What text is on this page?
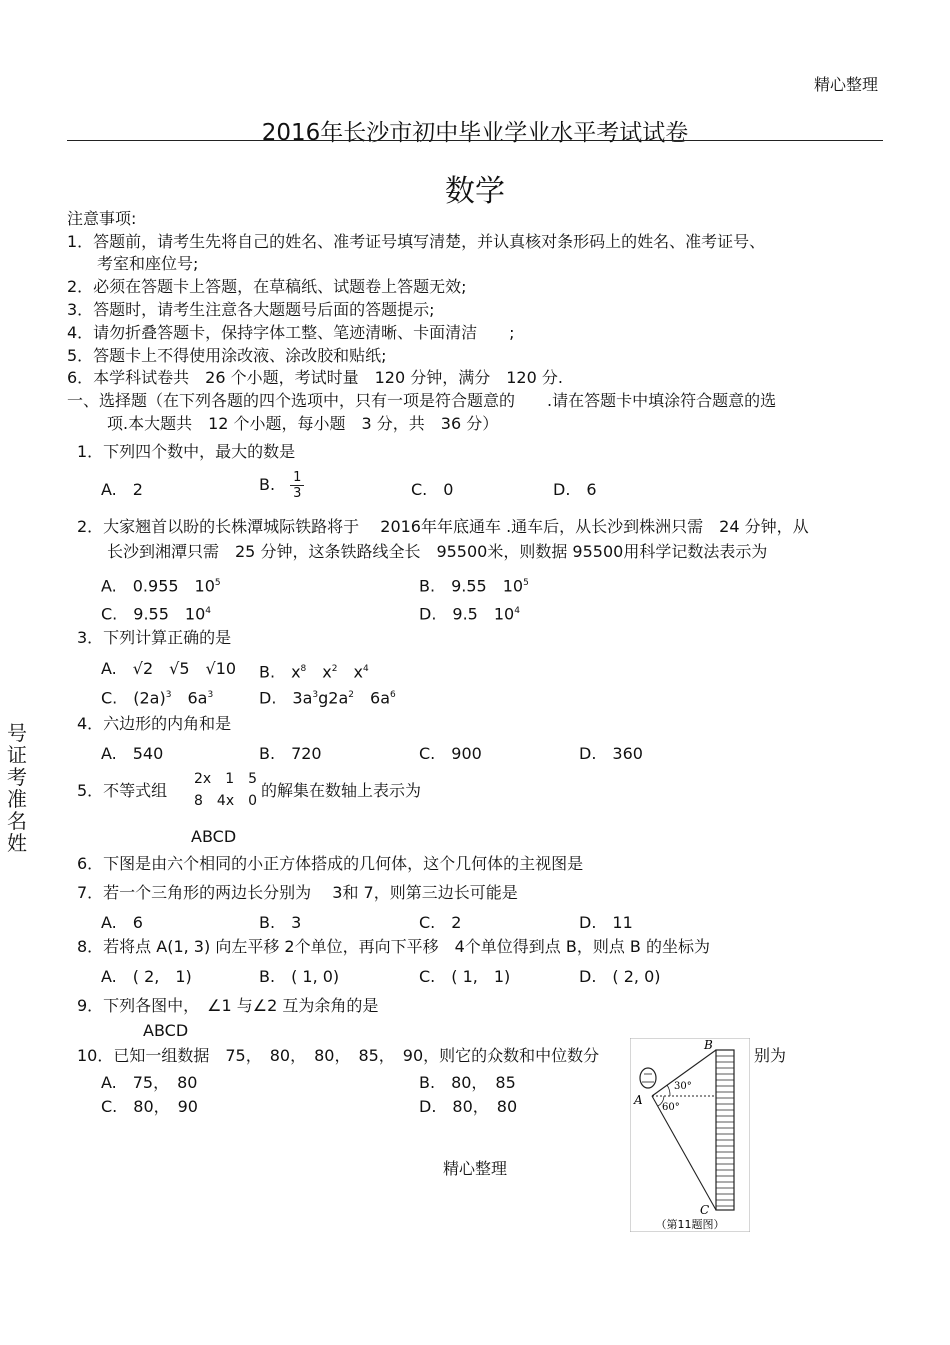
精心整理
2016年长沙市初中毕业学业水平考试试卷
数学
注意事项:
1．答题前，请考生先将自己的姓名、准考证号填写清楚，并认真核对条形码上的姓名、准考证号、
考室和座位号;
2．必须在答题卡上答题，在草稿纸、试题卷上答题无效;
3．答题时，请考生注意各大题题号后面的答题提示;
4．请勿折叠答题卡，保持字体工整、笔迹清晰、卡面清洁　　;
5．答题卡上不得使用涂改液、涂改胶和贴纸;
6．本学科试卷共　26 个小题，考试时量　120 分钟，满分　120 分.
一、选择题（在下列各题的四个选项中，只有一项是符合题意的　　.请在答题卡中填涂符合题意的选
项.本大题共　12 个小题，每小题　3 分，共　36 分）
1．下列四个数中，最大的数是
A.　2	B. $\frac{1}{3}$	C.　0	D.　6
2．大家翘首以盼的长株潭城际铁路将于　 2016年年底通车 .通车后，从长沙到株洲只需　24 分钟，从
长沙到湘潭只需　25 分钟，这条铁路线全长　95500米，则数据 95500用科学记数法表示为
A.　0.955　$10^5$	B.　9.55　$10^5$
C.　9.55　$10^4$	D.　9.5　$10^4$
3．下列计算正确的是
A.　√2　√5　√10 B.　$x^8$　$x^2$　$x^4$
C.　$(2a)^3$　$6a^3$	D.　$3a^3g2a^2$　$6a^6$
4．六边形的内角和是
A.　540	B.　720	C.　900	D.　360
5．不等式组
2x　1　5
8　4x　0
的解集在数轴上表示为
ABCD
6．下图是由六个相同的小正方体搭成的几何体，这个几何体的主视图是
7．若一个三角形的两边长分别为　 3和 7，则第三边长可能是
A.　6	B.　3	C.　2	D.　11
8．若将点 A(1, 3) 向左平移 2个单位，再向下平移　4个单位得到点 B，则点 B 的坐标为
A.　( 2,　1)	B.　( 1, 0)	C.　( 1,　1)	D.　( 2, 0)
9．下列各图中，　∠1 与∠2 互为余角的是
ABCD
10．已知一组数据　75，　80，　80，　85，　90，则它的众数和中位数分	别为
A.　75，　80	B.　80，　85
C.　80，　90	D.　80，　80
号证考准名姓
精心整理
B
A
C
30°
60°
（第11题图）
